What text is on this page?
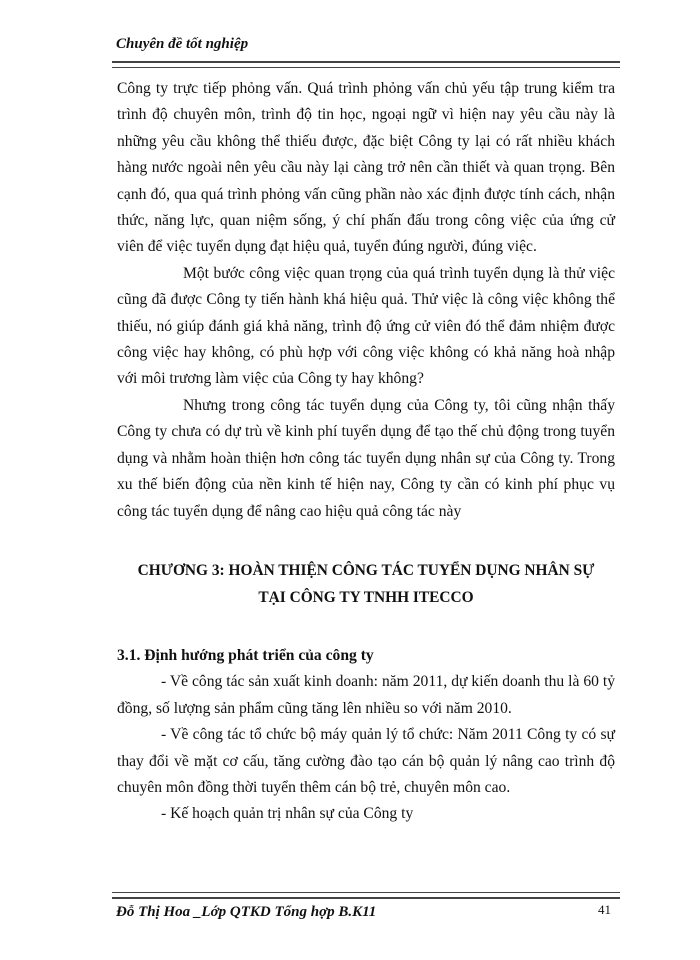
Chuyên đề tốt nghiệp

Công ty trực tiếp phỏng vấn. Quá trình phỏng vấn chủ yếu tập trung kiểm tra trình độ chuyên môn, trình độ tin học, ngoại ngữ vì hiện nay yêu cầu này là những yêu cầu không thể thiếu được, đặc biệt Công ty lại có rất nhiều khách hàng nước ngoài nên yêu cầu này lại càng trở nên cần thiết và quan trọng. Bên cạnh đó, qua quá trình phỏng vấn cũng phần nào xác định được tính cách, nhận thức, năng lực, quan niệm sống, ý chí phấn đấu trong công việc của ứng cử viên để việc tuyển dụng đạt hiệu quả, tuyển đúng người, đúng việc.

Một bước công việc quan trọng của quá trình tuyển dụng là thử việc cũng đã được Công ty tiến hành khá hiệu quả. Thử việc là công việc không thể thiếu, nó giúp đánh giá khả năng, trình độ ứng cử viên đó thể đảm nhiệm được công việc hay không, có phù hợp với công việc không có khả năng hoà nhập với môi trương làm việc của Công ty hay không?

Nhưng trong công tác tuyển dụng của Công ty, tôi cũng nhận thấy Công ty chưa có dự trù về kinh phí tuyển dụng để tạo thế chủ động trong tuyển dụng và nhằm hoàn thiện hơn công tác tuyển dụng nhân sự của Công ty. Trong xu thế biến động của nền kinh tế hiện nay, Công ty cần có kinh phí phục vụ công tác tuyển dụng để nâng cao hiệu quả công tác này

CHƯƠNG 3: HOÀN THIỆN CÔNG TÁC TUYỂN DỤNG NHÂN SỰ
TẠI CÔNG TY TNHH ITECCO

3.1. Định hướng phát triển của công ty

- Về công tác sản xuất kinh doanh: năm 2011, dự kiến doanh thu là 60 tỷ đồng, số lượng sản phẩm cũng tăng lên nhiều so với năm 2010.

- Về công tác tổ chức bộ máy quản lý tổ chức: Năm 2011 Công ty có sự thay đổi về mặt cơ cấu, tăng cường đào tạo cán bộ quản lý nâng cao trình độ chuyên môn đồng thời tuyển thêm cán bộ trẻ, chuyên môn cao.

- Kế hoạch quản trị nhân sự của Công ty

Đỗ Thị Hoa _Lớp QTKD Tổng hợp B.K11	41
